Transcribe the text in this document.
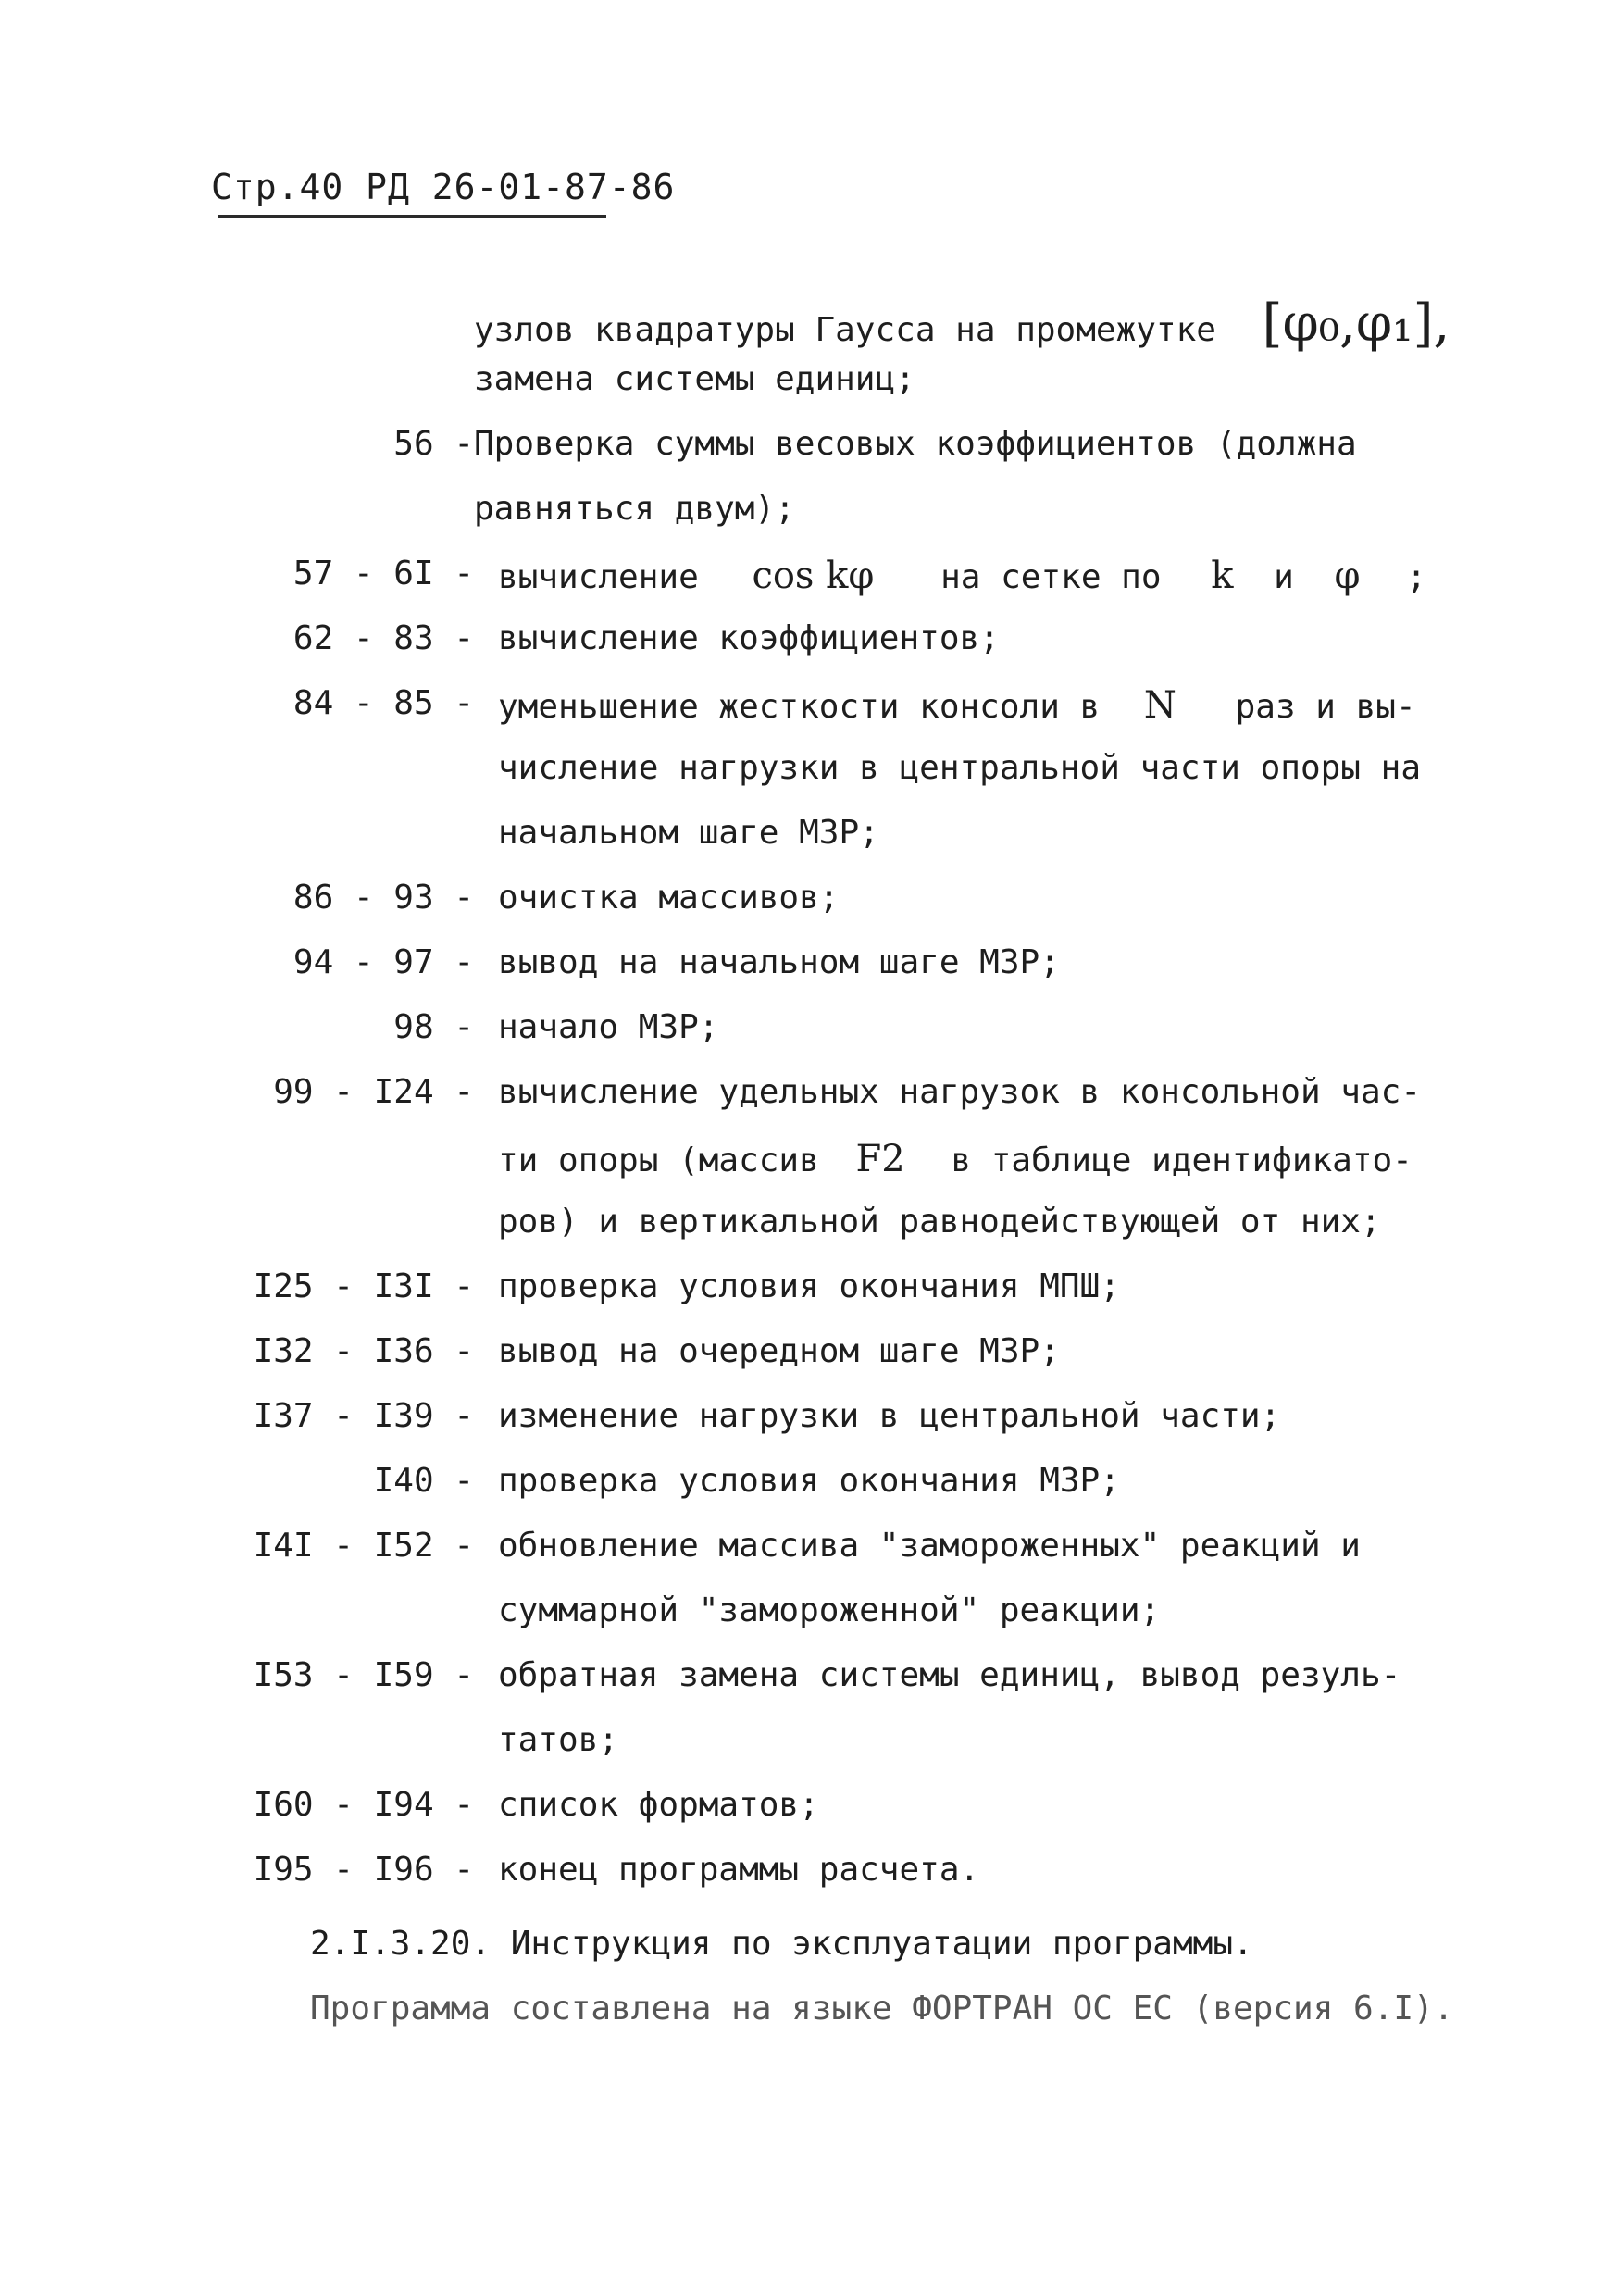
Стр.40 РД 26-01-87-86
узлов квадратуры Гаусса на промежутке [φ₀,φ₁],
замена системы единиц;
56 - Проверка суммы весовых коэффициентов (должна
равняться двум);
57 - 6I - вычисление cos kφ на сетке по k и φ ;
62 - 83 - вычисление коэффициентов;
84 - 85 - уменьшение жесткости консоли в N раз и вы-
числение нагрузки в центральной части опоры на
начальном шаге МЗР;
86 - 93 - очистка массивов;
94 - 97 - вывод на начальном шаге МЗР;
98 - начало МЗР;
99 - I24 - вычисление удельных нагрузок в консольной час-
ти опоры (массив F2 в таблице идентификато-
ров) и вертикальной равнодействующей от них;
I25 - I3I - проверка условия окончания МПШ;
I32 - I36 - вывод на очередном шаге МЗР;
I37 - I39 - изменение нагрузки в центральной части;
I40 - проверка условия окончания МЗР;
I4I - I52 - обновление массива "замороженных" реакций и
суммарной "замороженной" реакции;
I53 - I59 - обратная замена системы единиц, вывод резуль-
татов;
I60 - I94 - список форматов;
I95 - I96 - конец программы расчета.
2.I.3.20. Инструкция по эксплуатации программы.
Программа составлена на языке ФОРТРАН ОС ЕС (версия 6.I).
